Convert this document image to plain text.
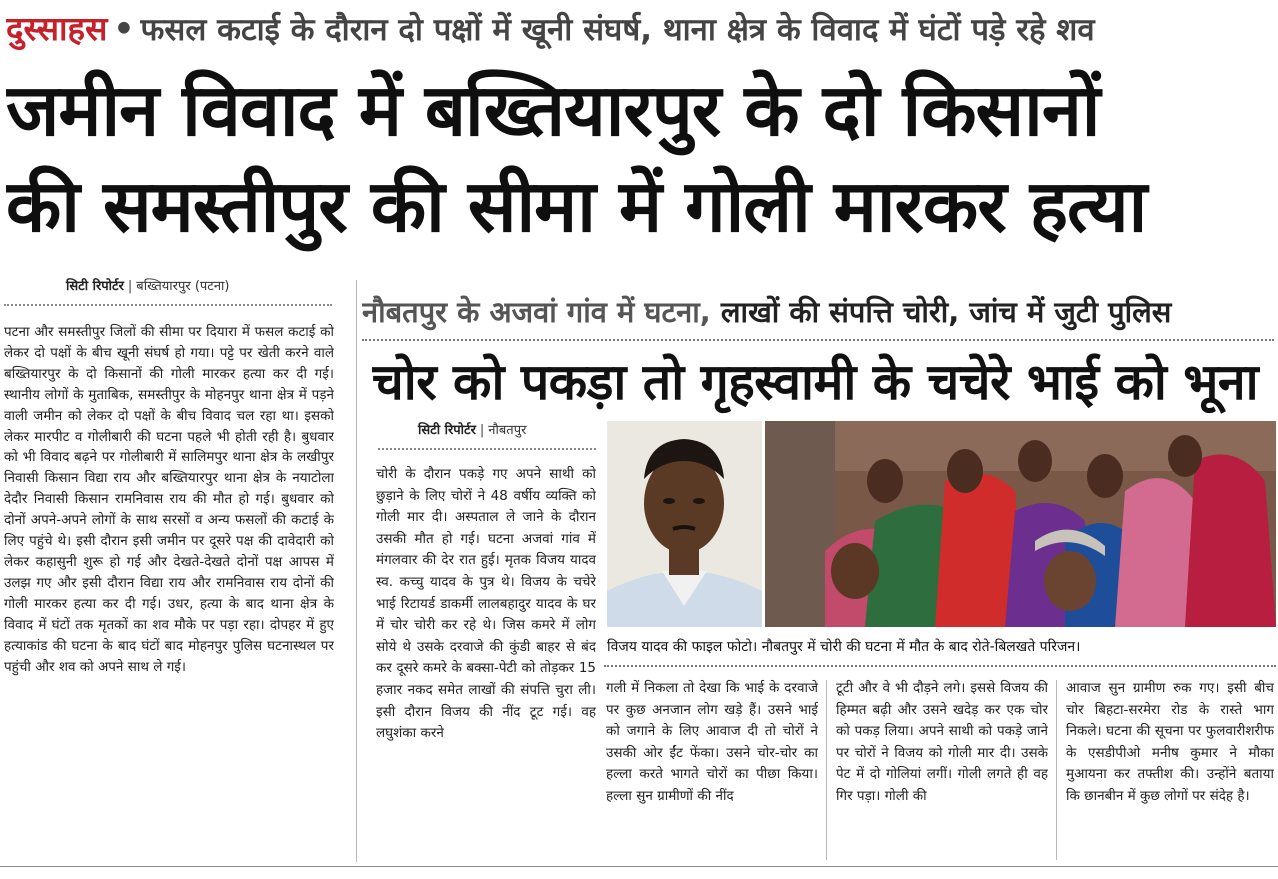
दुस्साहस • फसल कटाई के दौरान दो पक्षों में खूनी संघर्ष, थाना क्षेत्र के विवाद में घंटों पड़े रहे शव
जमीन विवाद में बख्तियारपुर के दो किसानों
की समस्तीपुर की सीमा में गोली मारकर हत्या
सिटी रिपोर्टर | बख्तियारपुर (पटना)
पटना और समस्तीपुर जिलों की सीमा पर दियारा में फसल कटाई को लेकर दो पक्षों के बीच खूनी संघर्ष हो गया। पट्टे पर खेती करने वाले बख्तियारपुर के दो किसानों की गोली मारकर हत्या कर दी गई। स्थानीय लोगों के मुताबिक, समस्तीपुर के मोहनपुर थाना क्षेत्र में पड़ने वाली जमीन को लेकर दो पक्षों के बीच विवाद चल रहा था। इसको लेकर मारपीट व गोलीबारी की घटना पहले भी होती रही है। बुधवार को भी विवाद बढ़ने पर गोलीबारी में सालिमपुर थाना क्षेत्र के लखीपुर निवासी किसान विद्या राय और बख्तियारपुर थाना क्षेत्र के नयाटोला देदौर निवासी किसान रामनिवास राय की मौत हो गई। बुधवार को दोनों अपने-अपने लोगों के साथ सरसों व अन्य फसलों की कटाई के लिए पहुंचे थे। इसी दौरान इसी जमीन पर दूसरे पक्ष की दावेदारी को लेकर कहासुनी शुरू हो गई और देखते-देखते दोनों पक्ष आपस में उलझ गए और इसी दौरान विद्या राय और रामनिवास राय दोनों की गोली मारकर हत्या कर दी गई। उधर, हत्या के बाद थाना क्षेत्र के विवाद में घंटों तक मृतकों का शव मौके पर पड़ा रहा। दोपहर में हुए हत्याकांड की घटना के बाद घंटों बाद मोहनपुर पुलिस घटनास्थल पर पहुंची और शव को अपने साथ ले गई।
नौबतपुर के अजवां गांव में घटना, लाखों की संपत्ति चोरी, जांच में जुटी पुलिस
चोर को पकड़ा तो गृहस्वामी के चचेरे भाई को भूना
सिटी रिपोर्टर | नौबतपुर
चोरी के दौरान पकड़े गए अपने साथी को छुड़ाने के लिए चोरों ने 48 वर्षीय व्यक्ति को गोली मार दी। अस्पताल ले जाने के दौरान उसकी मौत हो गई। घटना अजवां गांव में मंगलवार की देर रात हुई। मृतक विजय यादव स्व. कच्चु यादव के पुत्र थे। विजय के चचेरे भाई रिटायर्ड डाकर्मी लालबहादुर यादव के घर में चोर चोरी कर रहे थे। जिस कमरे में लोग सोये थे उसके दरवाजे की कुंडी बाहर से बंद कर दूसरे कमरे के बक्सा-पेटी को तोड़कर 15 हजार नकद समेत लाखों की संपत्ति चुरा ली। इसी दौरान विजय की नींद टूट गई। वह लघुशंका करने
विजय यादव की फाइल फोटो। नौबतपुर में चोरी की घटना में मौत के बाद रोते-बिलखते परिजन।
गली में निकला तो देखा कि भाई के दरवाजे पर कुछ अनजान लोग खड़े हैं। उसने भाई को जगाने के लिए आवाज दी तो चोरों ने उसकी ओर ईंट फेंका। उसने चोर-चोर का हल्ला करते भागते चोरों का पीछा किया। हल्ला सुन ग्रामीणों की नींद
टूटी और वे भी दौड़ने लगे। इससे विजय की हिम्मत बढ़ी और उसने खदेड़ कर एक चोर को पकड़ लिया। अपने साथी को पकड़े जाने पर चोरों ने विजय को गोली मार दी। उसके पेट में दो गोलियां लगीं। गोली लगते ही वह गिर पड़ा। गोली की
आवाज सुन ग्रामीण रुक गए। इसी बीच चोर बिहटा-सरमेरा रोड के रास्ते भाग निकले। घटना की सूचना पर फुलवारीशरीफ के एसडीपीओ मनीष कुमार ने मौका मुआयना कर तफ्तीश की। उन्होंने बताया कि छानबीन में कुछ लोगों पर संदेह है।
